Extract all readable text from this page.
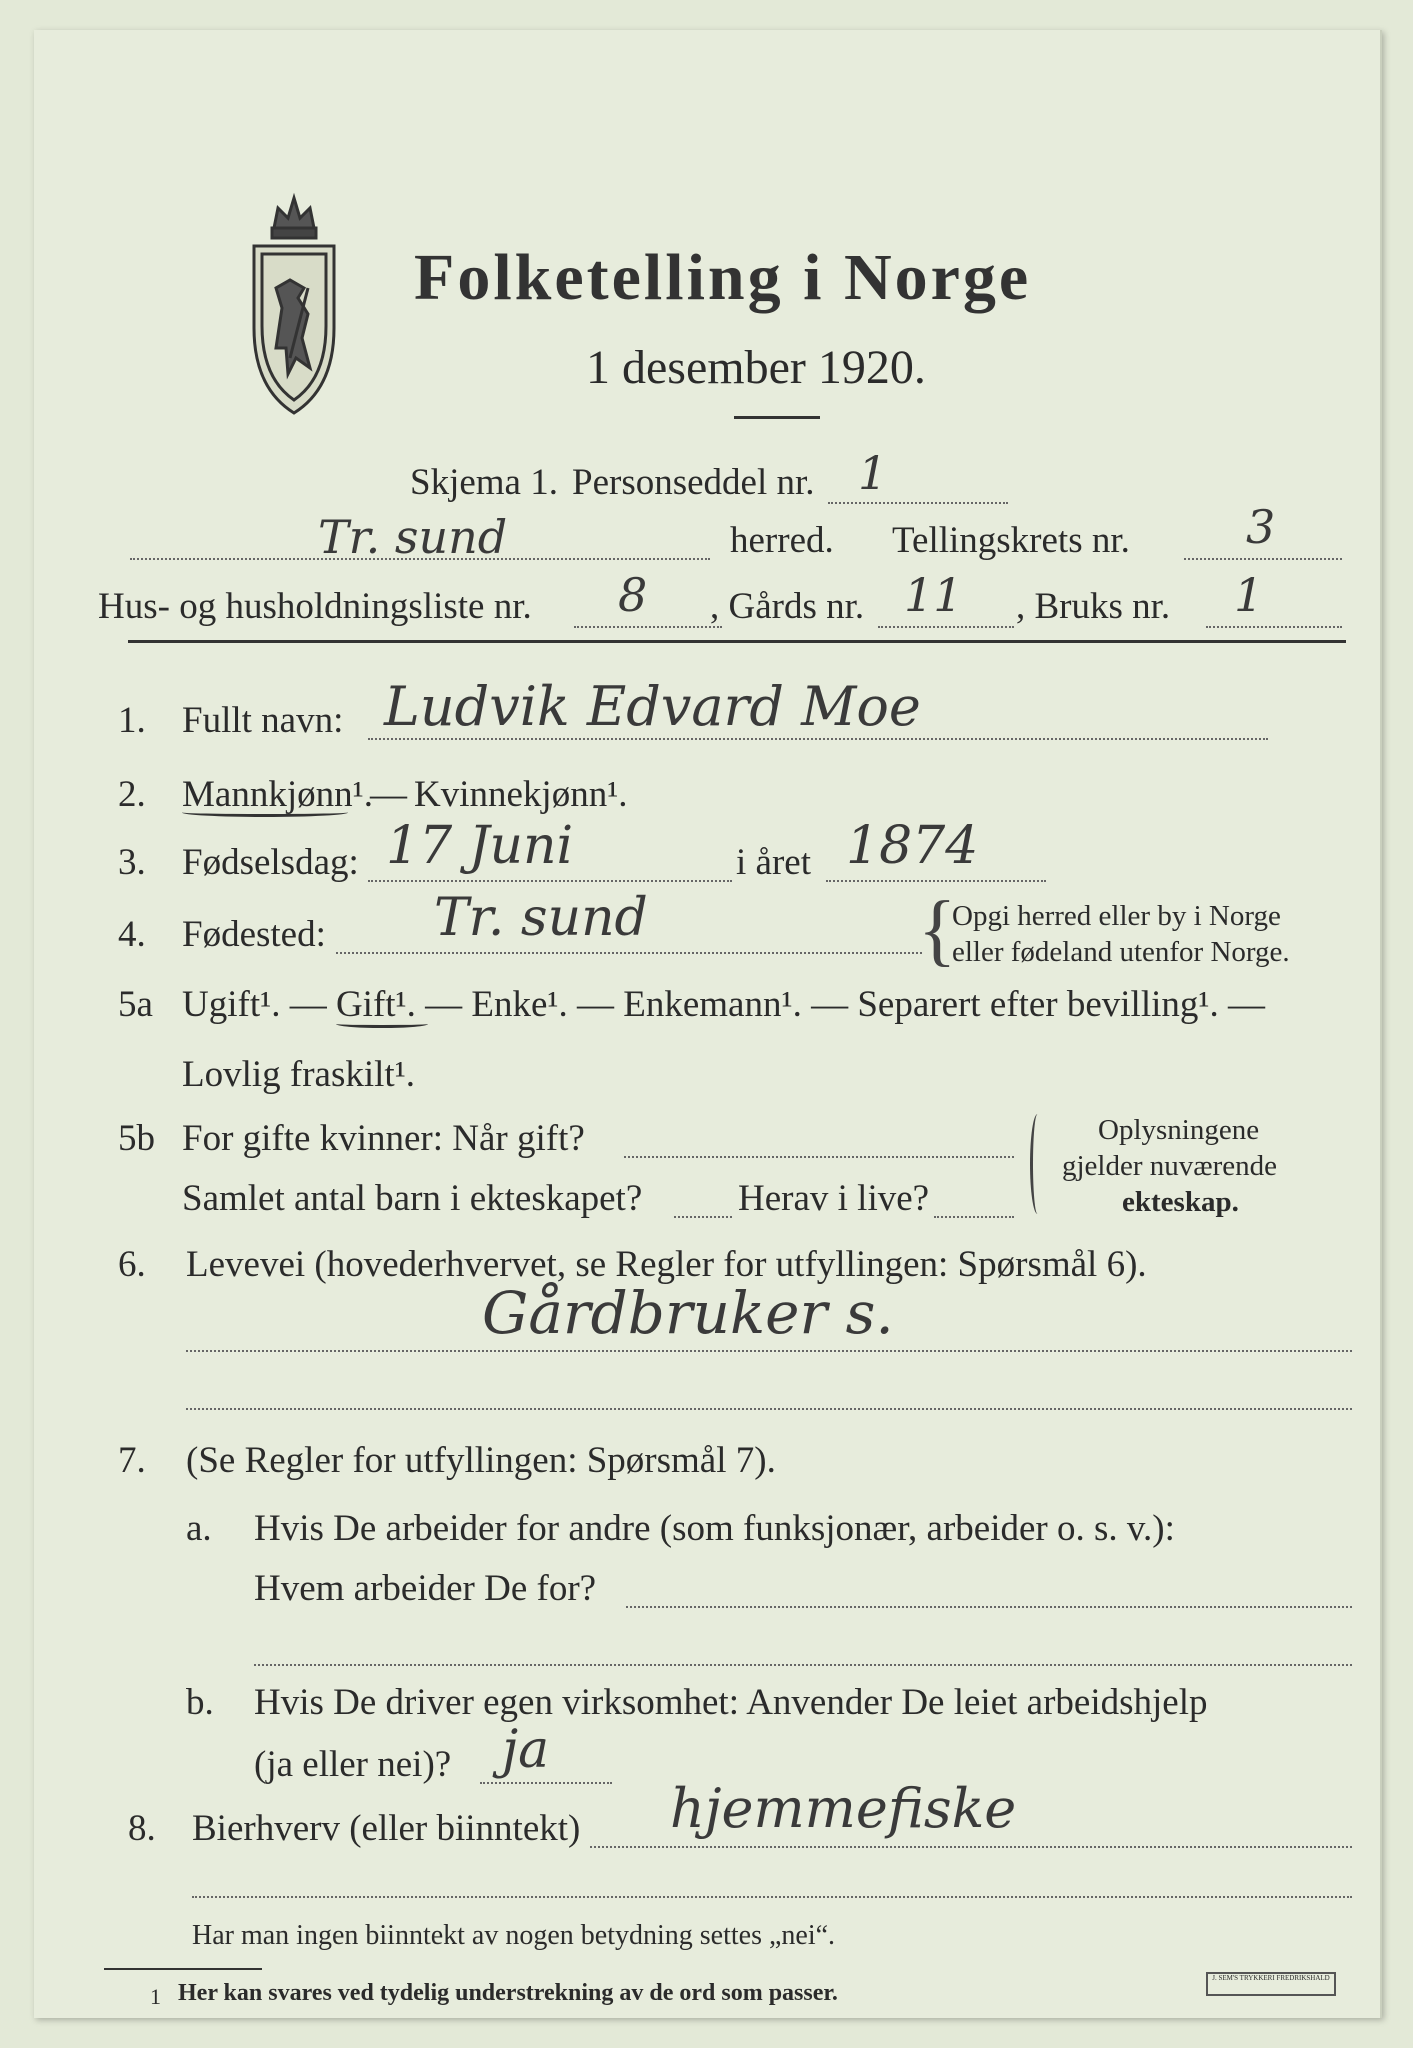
Folketelling i Norge
1 desember 1920.
Skjema 1. Personseddel nr. 1
Tr. sund	herred. Tellingskrets nr.	3
Hus- og husholdningsliste nr. 8 , Gårds nr. 11 , Bruks nr. 1
1. Fullt navn: Ludvik Edvard Moe
2. Mannkjønn¹.
— Kvinnekjønn¹.
3. Fødselsdag: 17 Juni	i året 1874
4. Fødested: Tr. sund	{
Opgi herred eller by i Norge
eller fødeland utenfor Norge.
5a Ugift¹. — Gift¹. — Enke¹. — Enkemann¹. — Separert efter bevilling¹. —
Lovlig fraskilt¹.
5b For gifte kvinner: Når gift?
Samlet antal barn i ekteskapet?	Herav i live?
Oplysningene
gjelder nuværende
ekteskap.
6. Levevei (hovederhvervet, se Regler for utfyllingen: Spørsmål 6).
Gårdbruker s.
7. (Se Regler for utfyllingen: Spørsmål 7).
a. Hvis De arbeider for andre (som funksjonær, arbeider o. s. v.):
Hvem arbeider De for?
b. Hvis De driver egen virksomhet: Anvender De leiet arbeidshjelp
(ja eller nei)? ja
8. Bierhverv (eller biinntekt) hjemmefiske
Har man ingen biinntekt av nogen betydning settes „nei“.
1 Her kan svares ved tydelig understrekning av de ord som passer.
J. SEM'S TRYKKERI FREDRIKSHALD
